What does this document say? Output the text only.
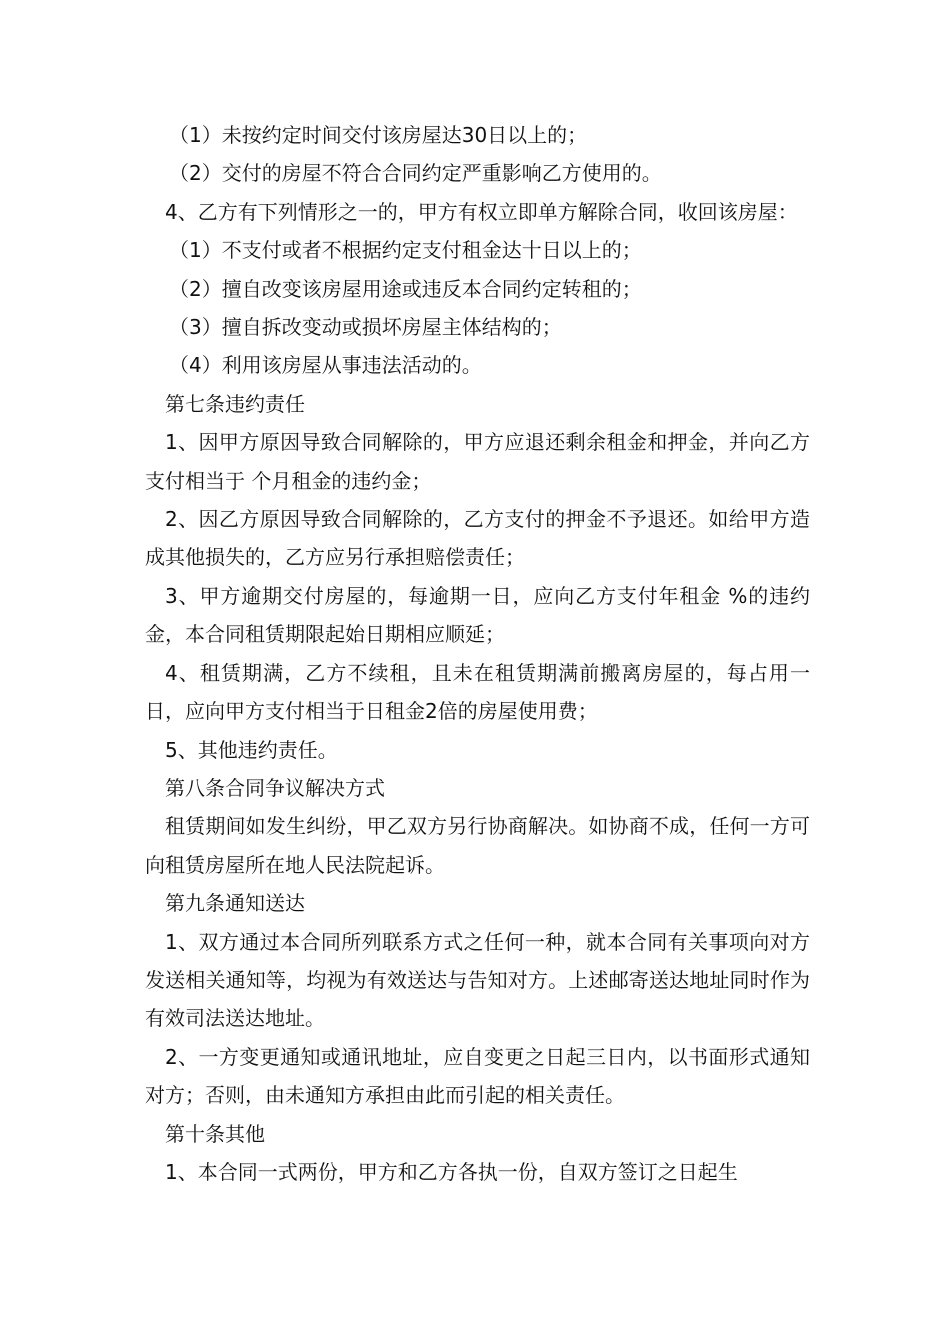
（1）未按约定时间交付该房屋达30日以上的；

（2）交付的房屋不符合合同约定严重影响乙方使用的。

4、乙方有下列情形之一的，甲方有权立即单方解除合同，收回该房屋：

（1）不支付或者不根据约定支付租金达十日以上的；

（2）擅自改变该房屋用途或违反本合同约定转租的；

（3）擅自拆改变动或损坏房屋主体结构的；

（4）利用该房屋从事违法活动的。

第七条违约责任

1、因甲方原因导致合同解除的，甲方应退还剩余租金和押金，并向乙方支付相当于 个月租金的违约金；

2、因乙方原因导致合同解除的，乙方支付的押金不予退还。如给甲方造成其他损失的，乙方应另行承担赔偿责任；

3、甲方逾期交付房屋的，每逾期一日，应向乙方支付年租金 %的违约金，本合同租赁期限起始日期相应顺延；

4、租赁期满，乙方不续租，且未在租赁期满前搬离房屋的，每占用一日，应向甲方支付相当于日租金2倍的房屋使用费；

5、其他违约责任。

第八条合同争议解决方式

租赁期间如发生纠纷，甲乙双方另行协商解决。如协商不成，任何一方可向租赁房屋所在地人民法院起诉。

第九条通知送达

1、双方通过本合同所列联系方式之任何一种，就本合同有关事项向对方发送相关通知等，均视为有效送达与告知对方。上述邮寄送达地址同时作为有效司法送达地址。

2、一方变更通知或通讯地址，应自变更之日起三日内，以书面形式通知对方；否则，由未通知方承担由此而引起的相关责任。

第十条其他

1、本合同一式两份，甲方和乙方各执一份，自双方签订之日起生
